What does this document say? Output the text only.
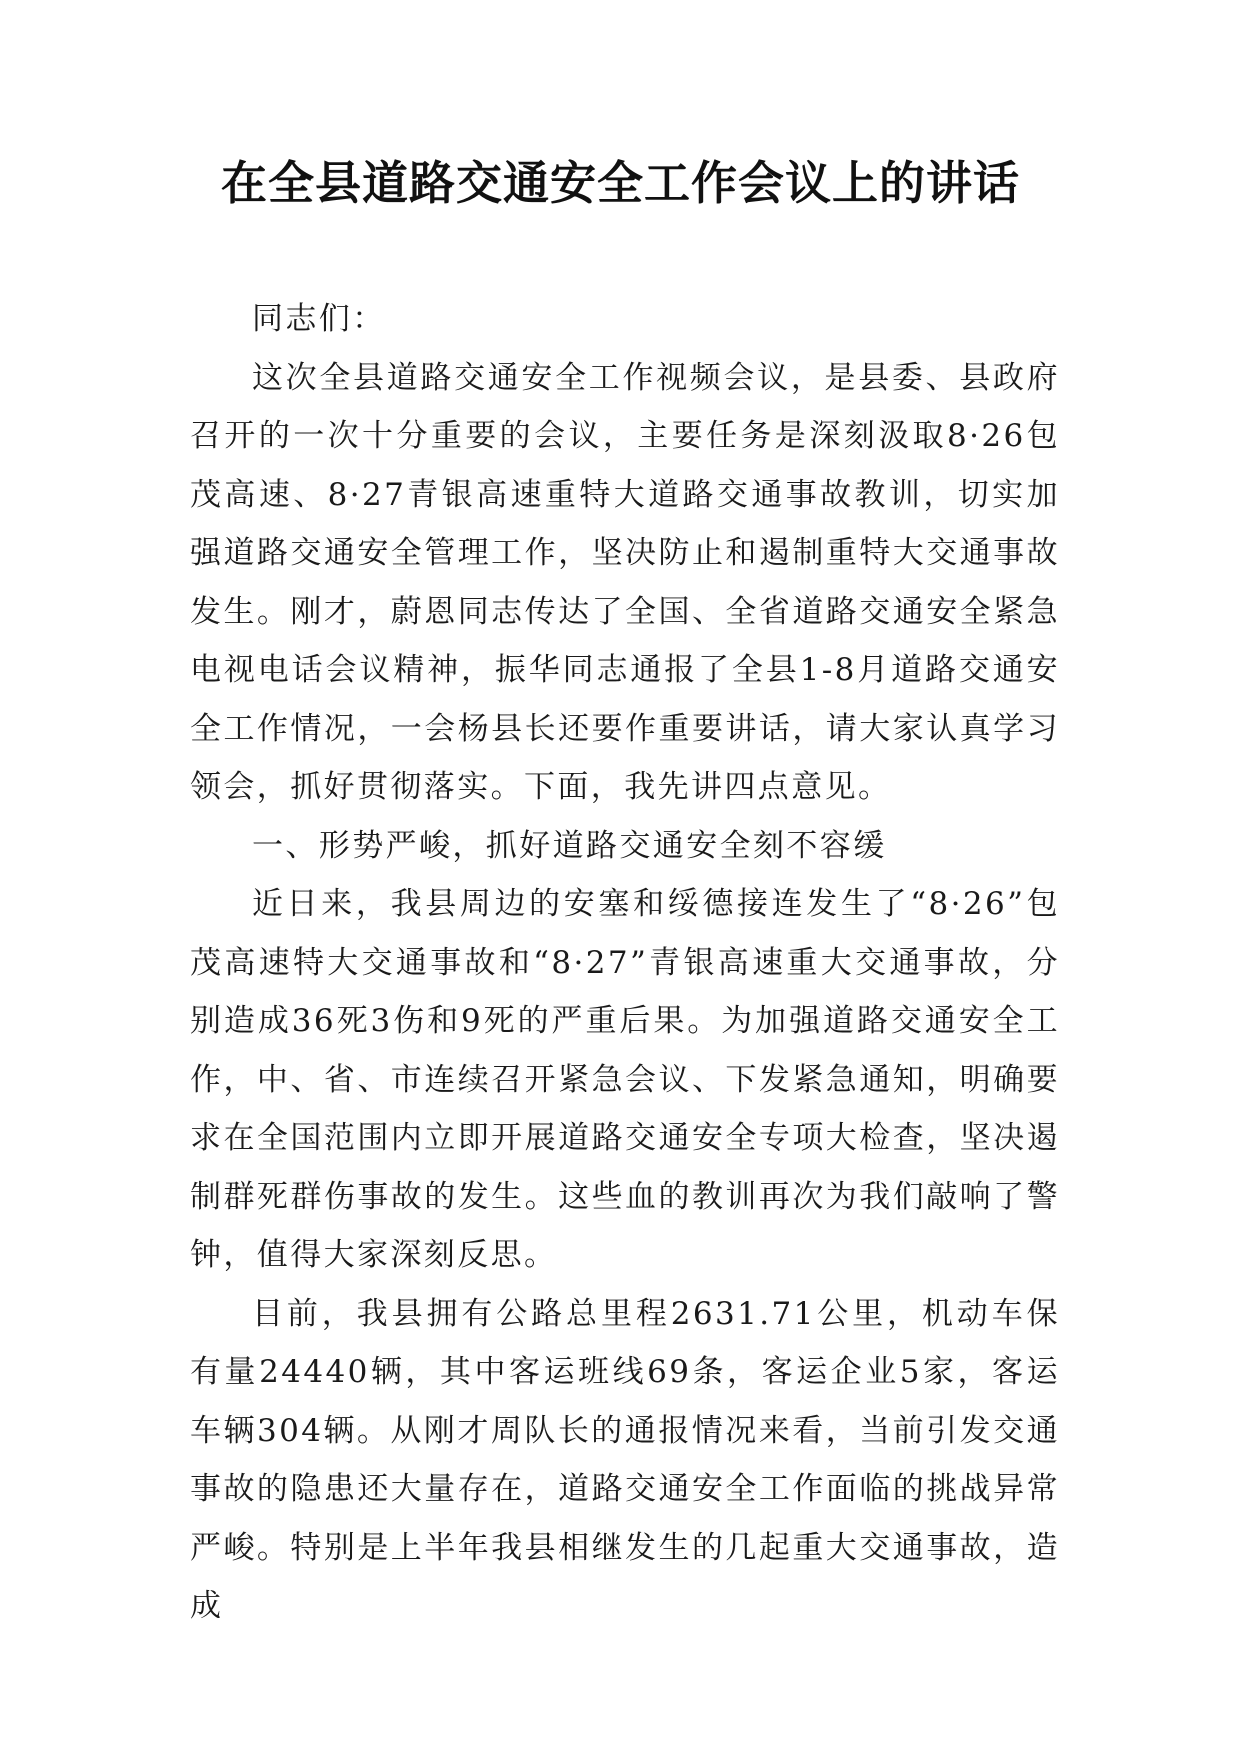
在全县道路交通安全工作会议上的讲话

同志们：

这次全县道路交通安全工作视频会议，是县委、县政府召开的一次十分重要的会议，主要任务是深刻汲取8·26包茂高速、8·27青银高速重特大道路交通事故教训，切实加强道路交通安全管理工作，坚决防止和遏制重特大交通事故发生。刚才，蔚恩同志传达了全国、全省道路交通安全紧急电视电话会议精神，振华同志通报了全县1-8月道路交通安全工作情况，一会杨县长还要作重要讲话，请大家认真学习领会，抓好贯彻落实。下面，我先讲四点意见。

一、形势严峻，抓好道路交通安全刻不容缓

近日来，我县周边的安塞和绥德接连发生了“8·26”包茂高速特大交通事故和“8·27”青银高速重大交通事故，分别造成36死3伤和9死的严重后果。为加强道路交通安全工作，中、省、市连续召开紧急会议、下发紧急通知，明确要求在全国范围内立即开展道路交通安全专项大检查，坚决遏制群死群伤事故的发生。这些血的教训再次为我们敲响了警钟，值得大家深刻反思。

目前，我县拥有公路总里程2631.71公里，机动车保有量24440辆，其中客运班线69条，客运企业5家，客运车辆304辆。从刚才周队长的通报情况来看，当前引发交通事故的隐患还大量存在，道路交通安全工作面临的挑战异常严峻。特别是上半年我县相继发生的几起重大交通事故，造成
